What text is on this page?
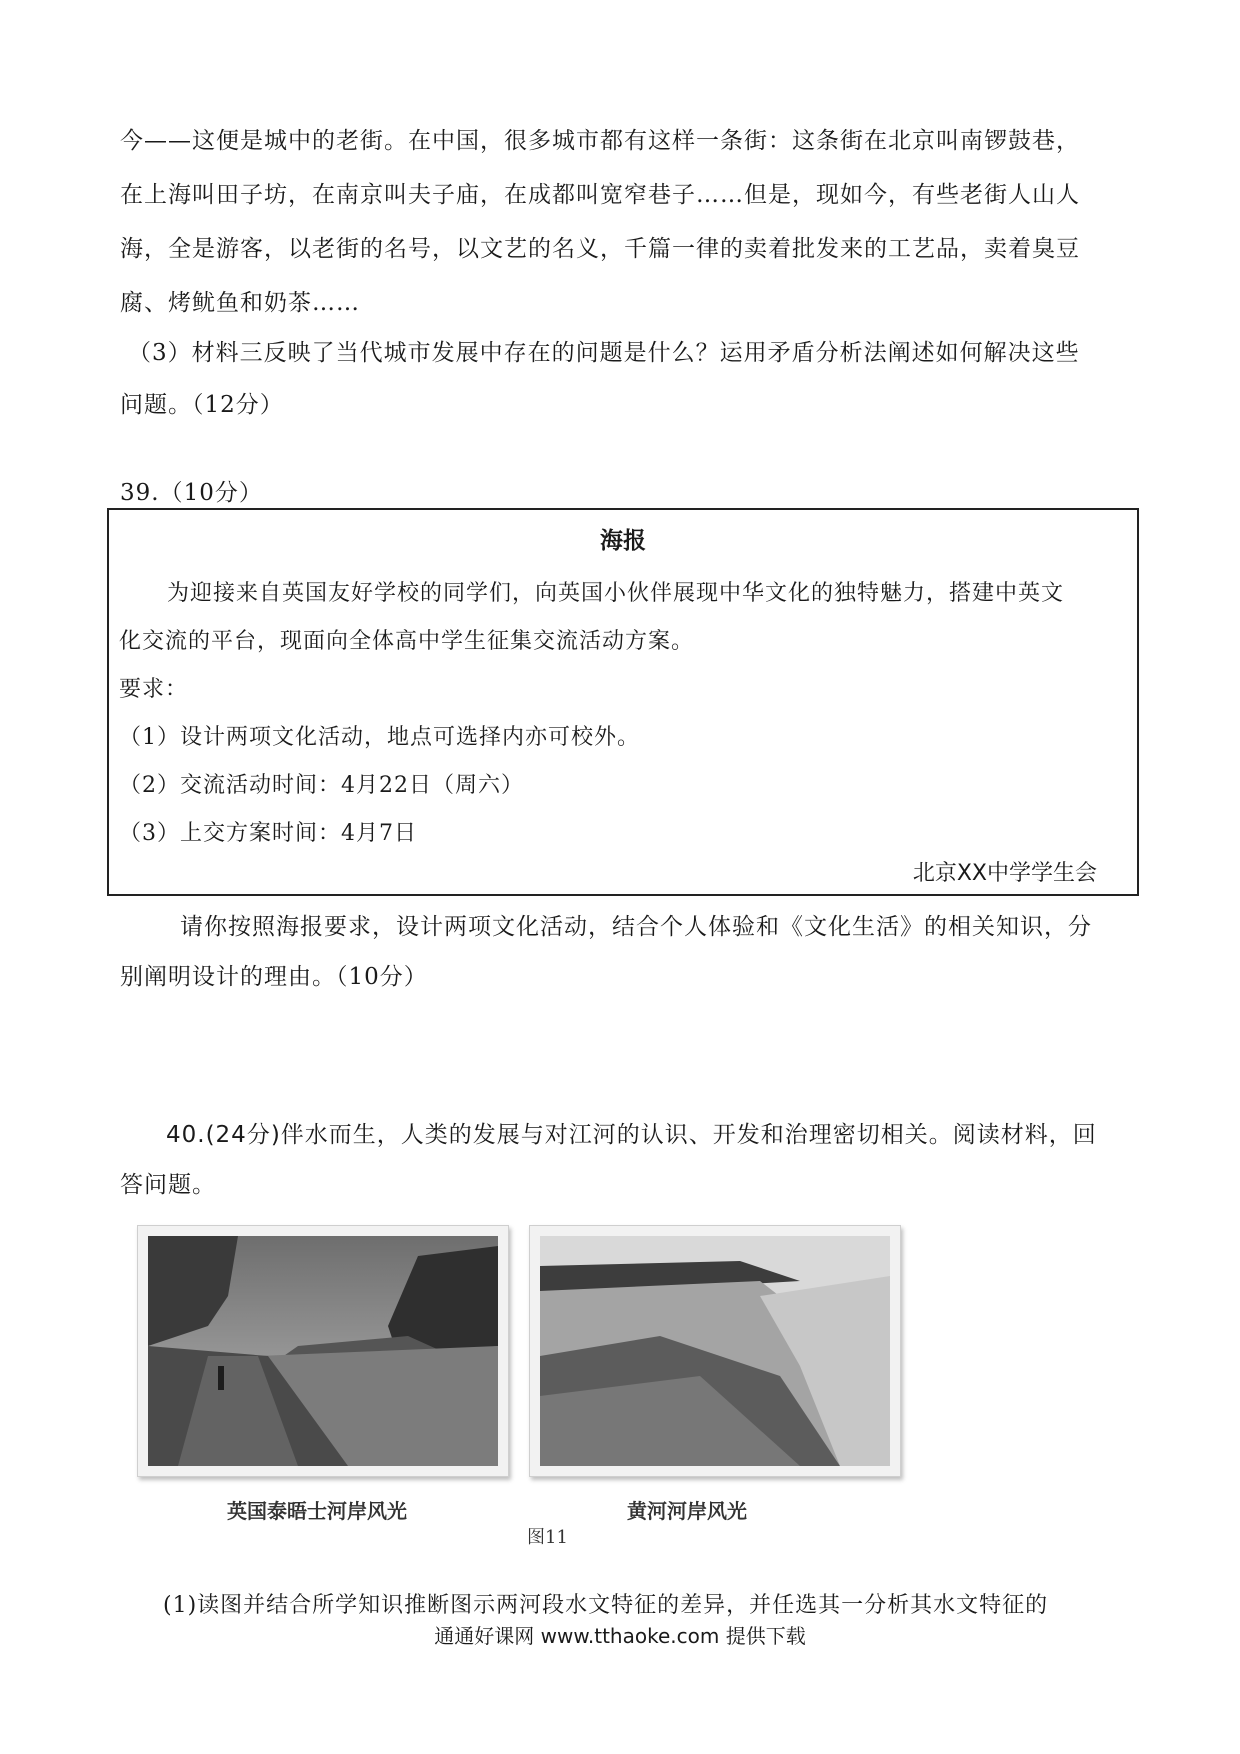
今——这便是城中的老街。在中国，很多城市都有这样一条街：这条街在北京叫南锣鼓巷，
在上海叫田子坊，在南京叫夫子庙，在成都叫宽窄巷子……但是，现如今，有些老街人山人
海，全是游客，以老街的名号，以文艺的名义，千篇一律的卖着批发来的工艺品，卖着臭豆
腐、烤鱿鱼和奶茶……
（3）材料三反映了当代城市发展中存在的问题是什么？运用矛盾分析法阐述如何解决这些
问题。（12分）
39.（10分）
海报
为迎接来自英国友好学校的同学们，向英国小伙伴展现中华文化的独特魅力，搭建中英文
化交流的平台，现面向全体高中学生征集交流活动方案。
要求：
（1）设计两项文化活动，地点可选择内亦可校外。
（2）交流活动时间：4月22日（周六）
（3）上交方案时间：4月7日
北京XX中学学生会
请你按照海报要求，设计两项文化活动，结合个人体验和《文化生活》的相关知识，分
别阐明设计的理由。（10分）
40.(24分)伴水而生，人类的发展与对江河的认识、开发和治理密切相关。阅读材料，回
答问题。
英国泰晤士河岸风光	黄河河岸风光
图11
(1)读图并结合所学知识推断图示两河段水文特征的差异，并任选其一分析其水文特征的
通通好课网 www.tthaoke.com 提供下载
